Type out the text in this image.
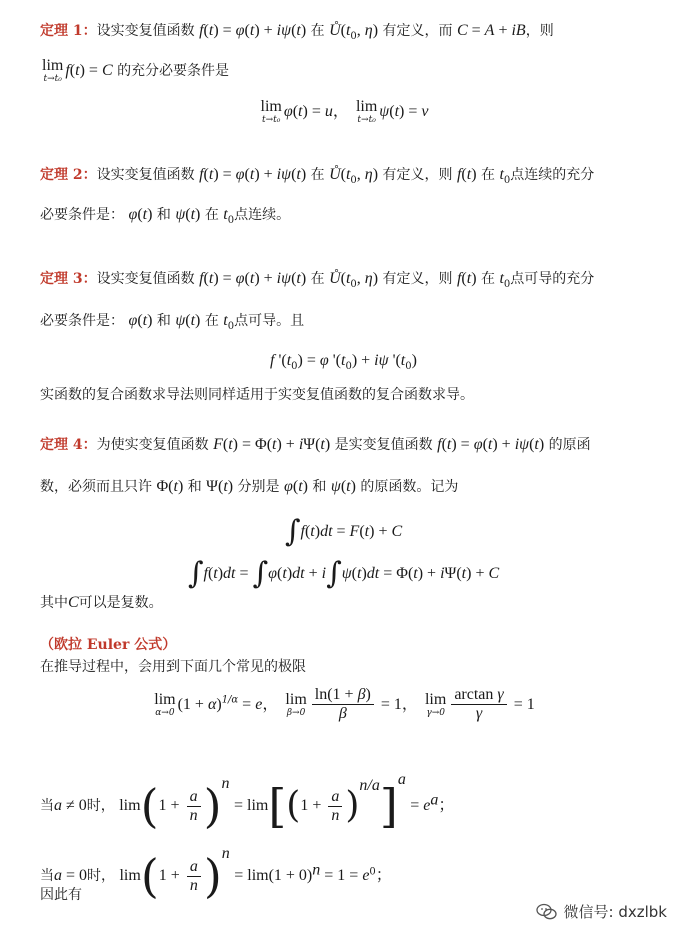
定理 1：设实变复值函数 f(t) = φ(t) + iψ(t) 在 $Ů(t_0$, η) 有定义，而 C = A + iB，则
lim
t→t₀ f(t) = C 的充分必要条件是
lim
t→t₀ φ(t) = u， lim
t→t₀ ψ(t) = v
定理 2：设实变复值函数 f(t) = φ(t) + iψ(t) 在 $Ů(t_0$, η) 有定义，则 f(t) 在 $t_0$点连续的充分
必要条件是： φ(t) 和 ψ(t) 在 $t_0$点连续。
定理 3：设实变复值函数 f(t) = φ(t) + iψ(t) 在 $Ů(t_0$, η) 有定义，则 f(t) 在 $t_0$点可导的充分
必要条件是： φ(t) 和 ψ(t) 在 $t_0$点可导。且
f '$(t_0) = \varphi$ '$(t_0) + i\psi$ '$(t_0)$
实函数的复合函数求导法则同样适用于实变复值函数的复合函数求导。
定理 4：为使实变复值函数 F(t) = Φ(t) + iΨ(t) 是实变复值函数 f(t) = φ(t) + iψ(t) 的原函
数，必须而且只许 Φ(t) 和 Ψ(t) 分别是 φ(t) 和 ψ(t) 的原函数。记为
∫f(t)dt = F(t) + C
∫f(t)dt = ∫φ(t)dt + i∫ψ(t)dt = Φ(t) + iΨ(t) + C
其中C可以是复数。
（欧拉 Euler 公式）
在推导过程中，会用到下面几个常见的极限
lim
α→0 $(1 + \alpha)^{1/\alpha} = e$， lim
$\beta\to 0 \frac{\ln(1 + \beta)}{\beta} = 1$， lim
$\gamma\to 0 \frac{\text{arctan γ}}{\gamma} = 1$
当a ≠ 0时， $\lim(1 + \frac{a}{n} )^n = \lim[(1 + \frac{a}{n} )^{n/a}]^a = e^a$；
当a = 0时， $\lim(1 + \frac{a}{n} )^n = \lim(1 + 0)^n = 1 = e^0$；
因此有
微信号: dxzlbk
